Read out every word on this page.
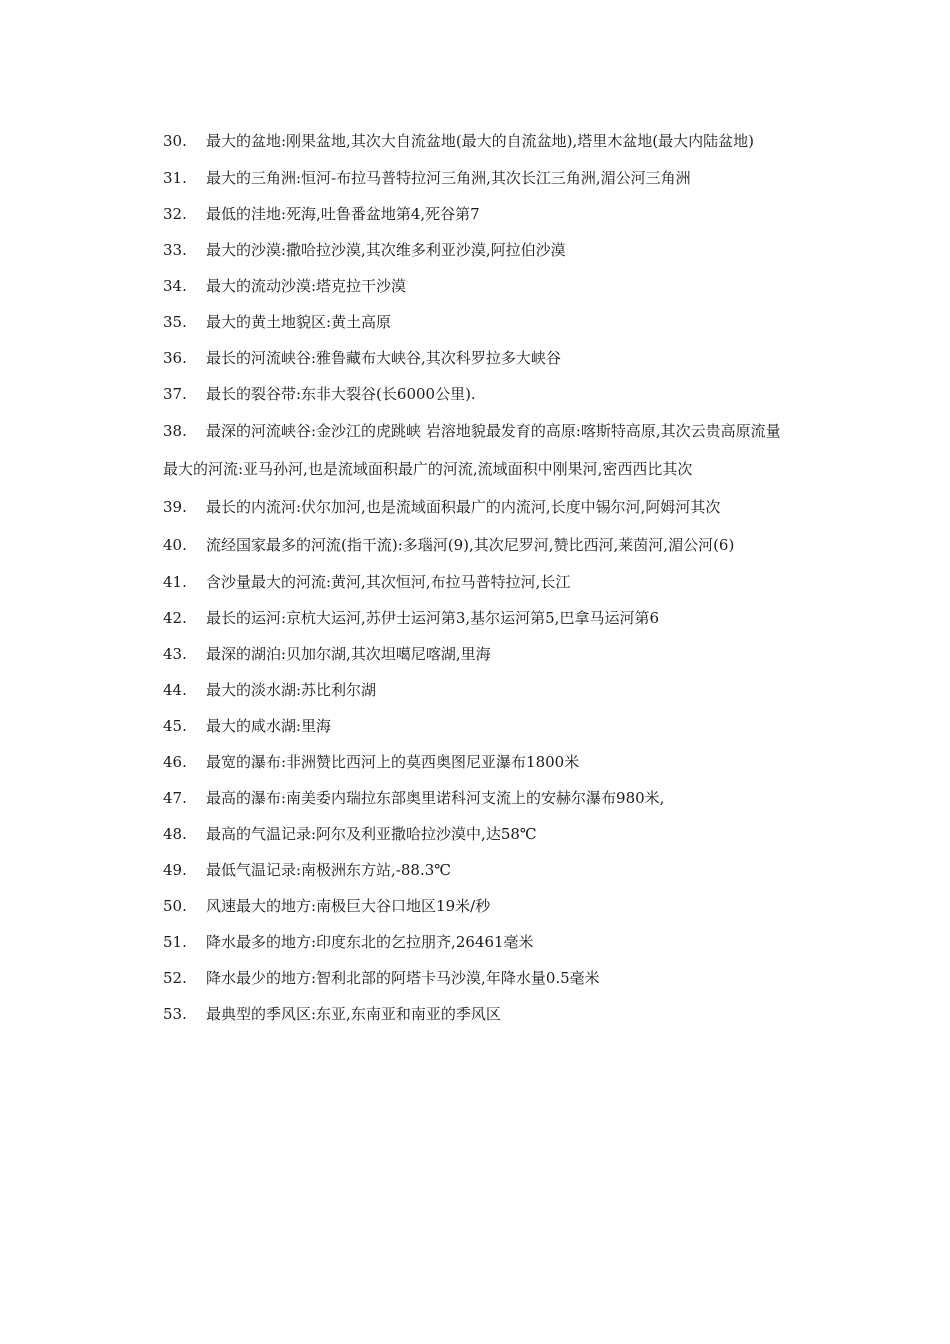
30. 最大的盆地:刚果盆地,其次大自流盆地(最大的自流盆地),塔里木盆地(最大内陆盆地)
31. 最大的三角洲:恒河-布拉马普特拉河三角洲,其次长江三角洲,湄公河三角洲
32. 最低的洼地:死海,吐鲁番盆地第4,死谷第7
33. 最大的沙漠:撒哈拉沙漠,其次维多利亚沙漠,阿拉伯沙漠
34. 最大的流动沙漠:塔克拉干沙漠
35. 最大的黄土地貌区:黄土高原
36. 最长的河流峡谷:雅鲁藏布大峡谷,其次科罗拉多大峡谷
37. 最长的裂谷带:东非大裂谷(长6000公里).
38. 最深的河流峡谷:金沙江的虎跳峡 岩溶地貌最发育的高原:喀斯特高原,其次云贵高原流量最大的河流:亚马孙河,也是流域面积最广的河流,流域面积中刚果河,密西西比其次
39. 最长的内流河:伏尔加河,也是流域面积最广的内流河,长度中锡尔河,阿姆河其次
40. 流经国家最多的河流(指干流):多瑙河(9),其次尼罗河,赞比西河,莱茵河,湄公河(6)
41. 含沙量最大的河流:黄河,其次恒河,布拉马普特拉河,长江
42. 最长的运河:京杭大运河,苏伊士运河第3,基尔运河第5,巴拿马运河第6
43. 最深的湖泊:贝加尔湖,其次坦噶尼喀湖,里海
44. 最大的淡水湖:苏比利尔湖
45. 最大的咸水湖:里海
46. 最宽的瀑布:非洲赞比西河上的莫西奥图尼亚瀑布1800米
47. 最高的瀑布:南美委内瑞拉东部奥里诺科河支流上的安赫尔瀑布980米,
48. 最高的气温记录:阿尔及利亚撒哈拉沙漠中,达58℃
49. 最低气温记录:南极洲东方站,-88.3℃
50. 风速最大的地方:南极巨大谷口地区19米/秒
51. 降水最多的地方:印度东北的乞拉朋齐,26461毫米
52. 降水最少的地方:智利北部的阿塔卡马沙漠,年降水量0.5毫米
53. 最典型的季风区:东亚,东南亚和南亚的季风区
